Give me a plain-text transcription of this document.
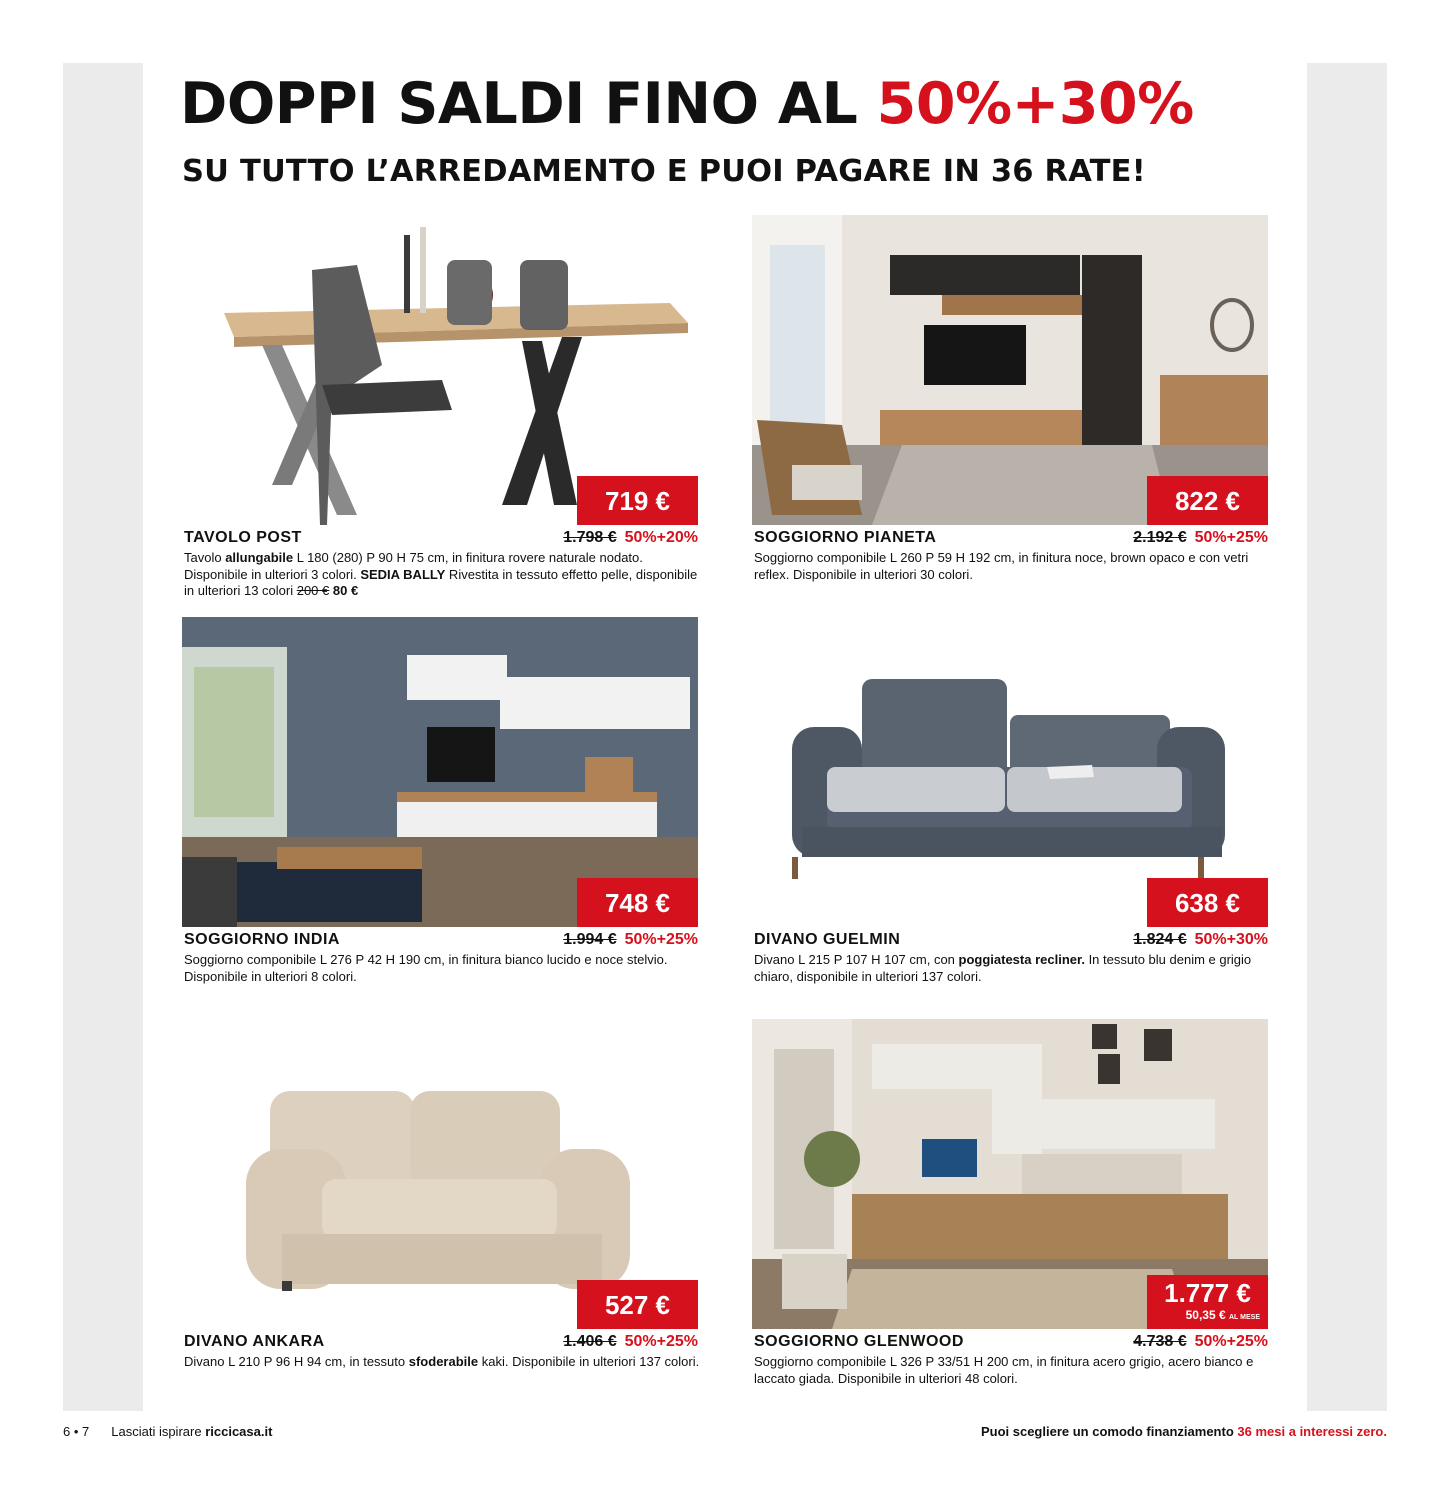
DOPPI SALDI FINO AL 50%+30%
SU TUTTO L’ARREDAMENTO E PUOI PAGARE IN 36 RATE!
719 €
TAVOLO POST	1.798 € 50%+20%
Tavolo allungabile L 180 (280) P 90 H 75 cm, in finitura rovere naturale nodato. Disponibile in ulteriori 3 colori. SEDIA BALLY Rivestita in tessuto effetto pelle, disponibile in ulteriori 13 colori 200 € 80 €
822 €
SOGGIORNO PIANETA	2.192 € 50%+25%
Soggiorno componibile L 260 P 59 H 192 cm, in finitura noce, brown opaco e con vetri reflex. Disponibile in ulteriori 30 colori.
748 €
SOGGIORNO INDIA	1.994 € 50%+25%
Soggiorno componibile L 276 P 42 H 190 cm, in finitura bianco lucido e noce stelvio. Disponibile in ulteriori 8 colori.
638 €
DIVANO GUELMIN	1.824 € 50%+30%
Divano L 215 P 107 H 107 cm, con poggiatesta recliner. In tessuto blu denim e grigio chiaro, disponibile in ulteriori 137 colori.
527 €
DIVANO ANKARA	1.406 € 50%+25%
Divano L 210 P 96 H 94 cm, in tessuto sfoderabile kaki. Disponibile in ulteriori 137 colori.
1.777 €
50,35 € AL MESE
SOGGIORNO GLENWOOD	4.738 € 50%+25%
Soggiorno componibile L 326 P 33/51 H 200 cm, in finitura acero grigio, acero bianco e laccato giada. Disponibile in ulteriori 48 colori.
6 • 7 Lasciati ispirare riccicasa.it	Puoi scegliere un comodo finanziamento 36 mesi a interessi zero.
